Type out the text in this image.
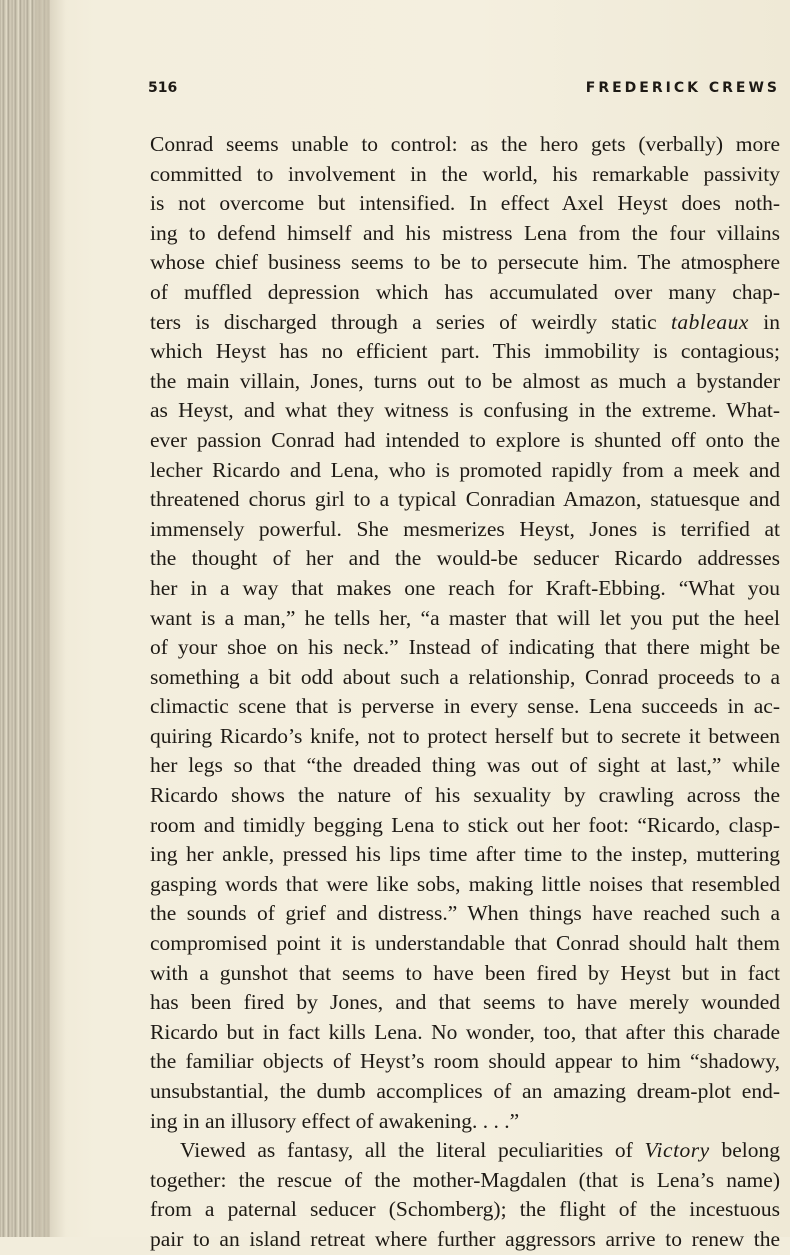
516	FREDERICK CREWS
Conrad seems unable to control: as the hero gets (verbally) more
committed to involvement in the world, his remarkable passivity
is not overcome but intensified. In effect Axel Heyst does noth-
ing to defend himself and his mistress Lena from the four villains
whose chief business seems to be to persecute him. The atmosphere
of muffled depression which has accumulated over many chap-
ters is discharged through a series of weirdly static tableaux in
which Heyst has no efficient part. This immobility is contagious;
the main villain, Jones, turns out to be almost as much a bystander
as Heyst, and what they witness is confusing in the extreme. What-
ever passion Conrad had intended to explore is shunted off onto the
lecher Ricardo and Lena, who is promoted rapidly from a meek and
threatened chorus girl to a typical Conradian Amazon, statuesque and
immensely powerful. She mesmerizes Heyst, Jones is terrified at
the thought of her and the would-be seducer Ricardo addresses
her in a way that makes one reach for Kraft-Ebbing. “What you
want is a man,” he tells her, “a master that will let you put the heel
of your shoe on his neck.” Instead of indicating that there might be
something a bit odd about such a relationship, Conrad proceeds to a
climactic scene that is perverse in every sense. Lena succeeds in ac-
quiring Ricardo’s knife, not to protect herself but to secrete it between
her legs so that “the dreaded thing was out of sight at last,” while
Ricardo shows the nature of his sexuality by crawling across the
room and timidly begging Lena to stick out her foot: “Ricardo, clasp-
ing her ankle, pressed his lips time after time to the instep, muttering
gasping words that were like sobs, making little noises that resembled
the sounds of grief and distress.” When things have reached such a
compromised point it is understandable that Conrad should halt them
with a gunshot that seems to have been fired by Heyst but in fact
has been fired by Jones, and that seems to have merely wounded
Ricardo but in fact kills Lena. No wonder, too, that after this charade
the familiar objects of Heyst’s room should appear to him “shadowy,
unsubstantial, the dumb accomplices of an amazing dream-plot end-
ing in an illusory effect of awakening. . . .”
Viewed as fantasy, all the literal peculiarities of Victory belong
together: the rescue of the mother-Magdalen (that is Lena’s name)
from a paternal seducer (Schomberg); the flight of the incestuous
pair to an island retreat where further aggressors arrive to renew the
